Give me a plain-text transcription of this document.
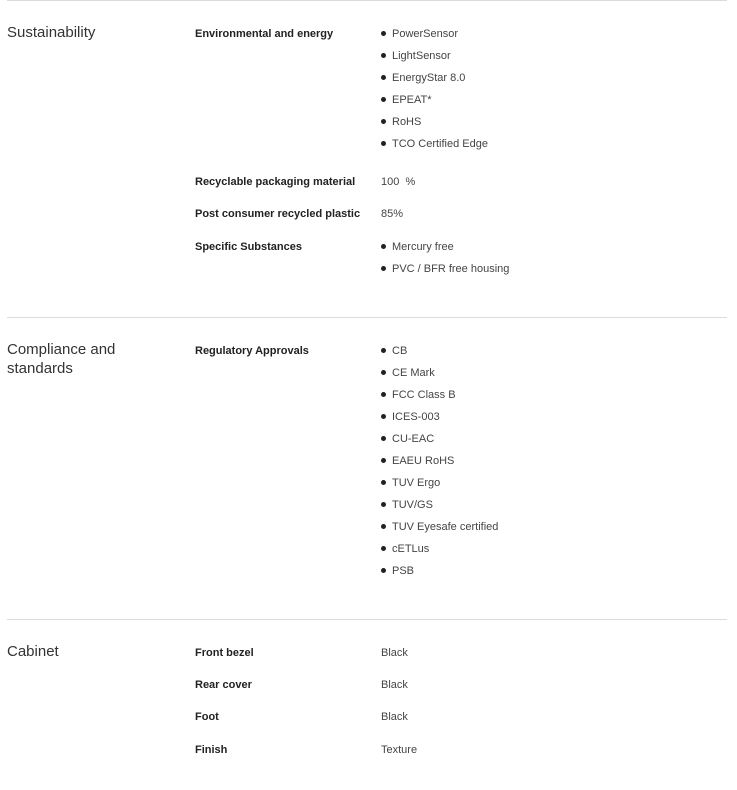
Sustainability	Environmental and energy	PowerSensor
LightSensor
EnergyStar 8.0
EPEAT*
RoHS
TCO Certified Edge
Recyclable packaging material	100  %
Post consumer recycled plastic	85%
Specific Substances	Mercury free
PVC / BFR free housing
Compliance and standards
Regulatory Approvals	CB
CE Mark
FCC Class B
ICES-003
CU-EAC
EAEU RoHS
TUV Ergo
TUV/GS
TUV Eyesafe certified
cETLus
PSB
Cabinet	Front bezel	Black
Rear cover	Black
Foot	Black
Finish	Texture
